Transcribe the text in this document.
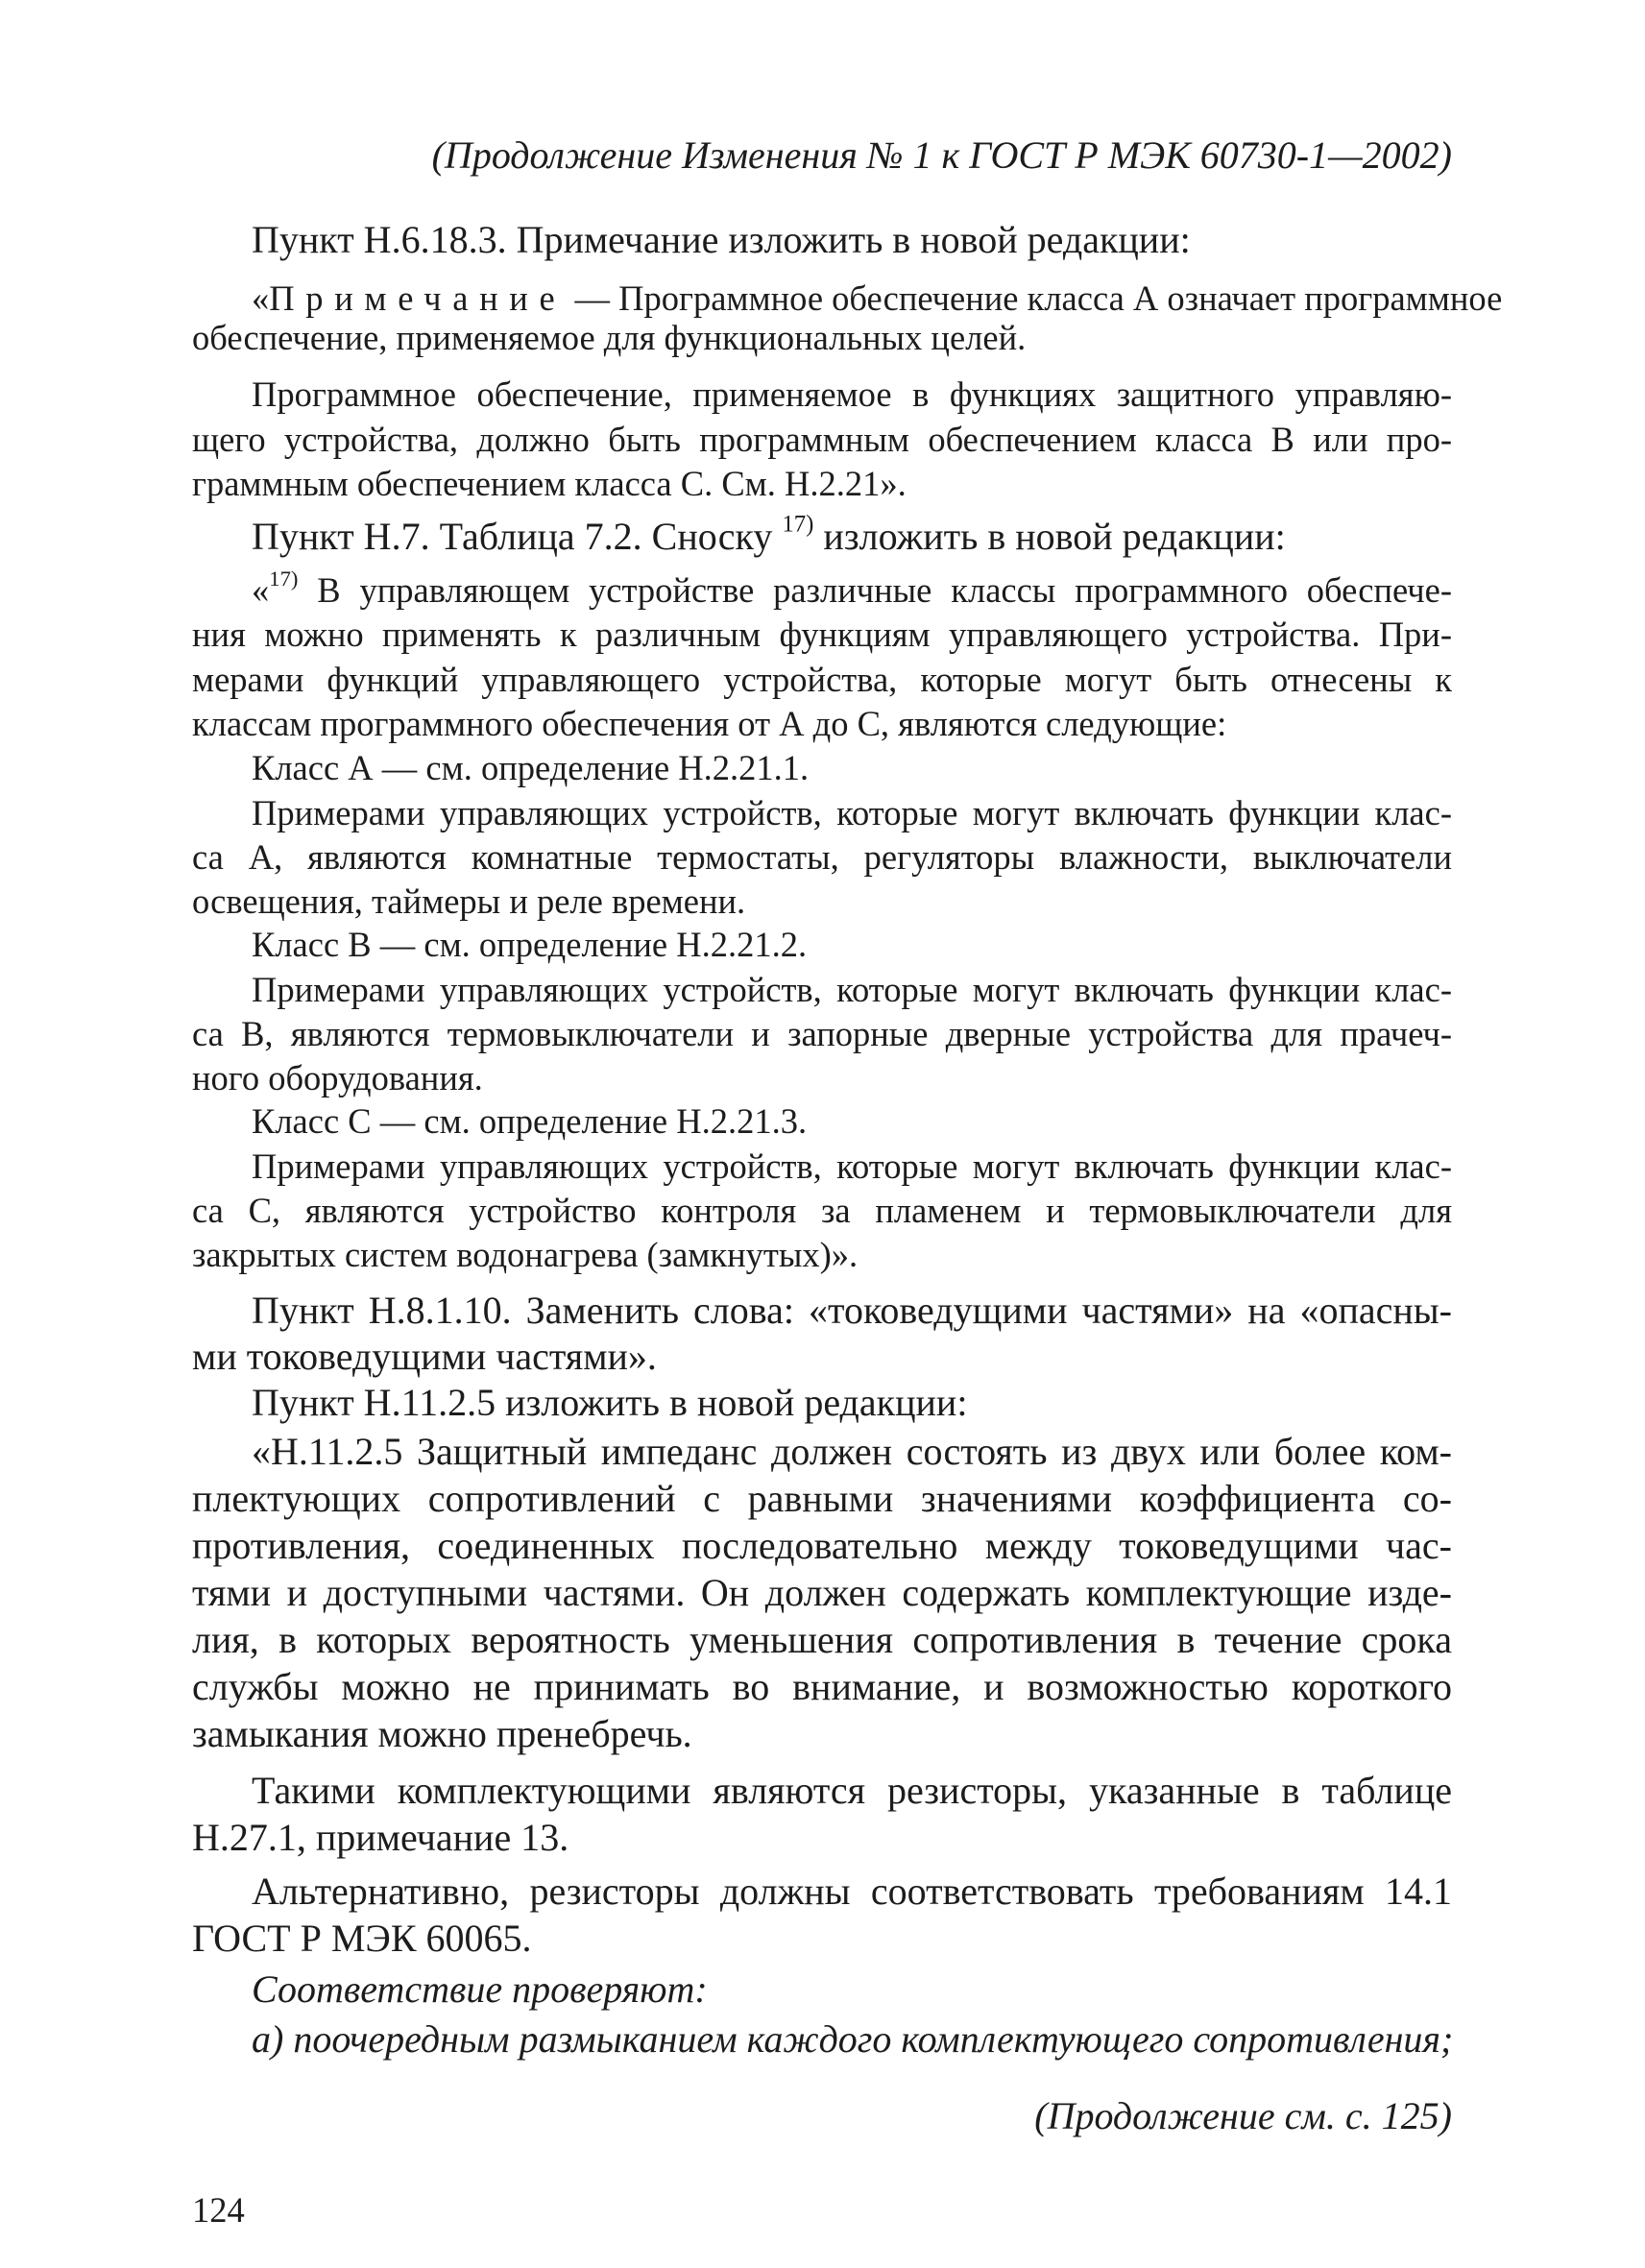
(Продолжение Изменения № 1 к ГОСТ Р МЭК 60730-1—2002)

Пункт Н.6.18.3. Примечание изложить в новой редакции:

«Примечание — Программное обеспечение класса А означает программное

обеспечение, применяемое для функциональных целей.

Программное обеспечение, применяемое в функциях защитного управляю-

щего устройства, должно быть программным обеспечением класса В или про-

граммным обеспечением класса С. См. Н.2.21».

Пункт Н.7. Таблица 7.2. Сноску $^{17)}$ изложить в новой редакции:

«$^{17)}$ В управляющем устройстве различные классы программного обеспече-

ния можно применять к различным функциям управляющего устройства. При-

мерами функций управляющего устройства, которые могут быть отнесены к

классам программного обеспечения от А до С, являются следующие:

Класс А — см. определение Н.2.21.1.

Примерами управляющих устройств, которые могут включать функции клас-

са А, являются комнатные термостаты, регуляторы влажности, выключатели

освещения, таймеры и реле времени.

Класс В — см. определение Н.2.21.2.

Примерами управляющих устройств, которые могут включать функции клас-

са В, являются термовыключатели и запорные дверные устройства для прачеч-

ного оборудования.

Класс С — см. определение Н.2.21.3.

Примерами управляющих устройств, которые могут включать функции клас-

са С, являются устройство контроля за пламенем и термовыключатели для

закрытых систем водонагрева (замкнутых)».

Пункт Н.8.1.10. Заменить слова: «токоведущими частями» на «опасны-

ми токоведущими частями».

Пункт Н.11.2.5 изложить в новой редакции:

«Н.11.2.5 Защитный импеданс должен состоять из двух или более ком-

плектующих сопротивлений с равными значениями коэффициента со-

противления, соединенных последовательно между токоведущими час-

тями и доступными частями. Он должен содержать комплектующие изде-

лия, в которых вероятность уменьшения сопротивления в течение срока

службы можно не принимать во внимание, и возможностью короткого

замыкания можно пренебречь.

Такими комплектующими являются резисторы, указанные в таблице

Н.27.1, примечание 13.

Альтернативно, резисторы должны соответствовать требованиям 14.1

ГОСТ Р МЭК 60065.

Соответствие проверяют:

а) поочередным размыканием каждого комплектующего сопротивления;

(Продолжение см. с. 125)

124
